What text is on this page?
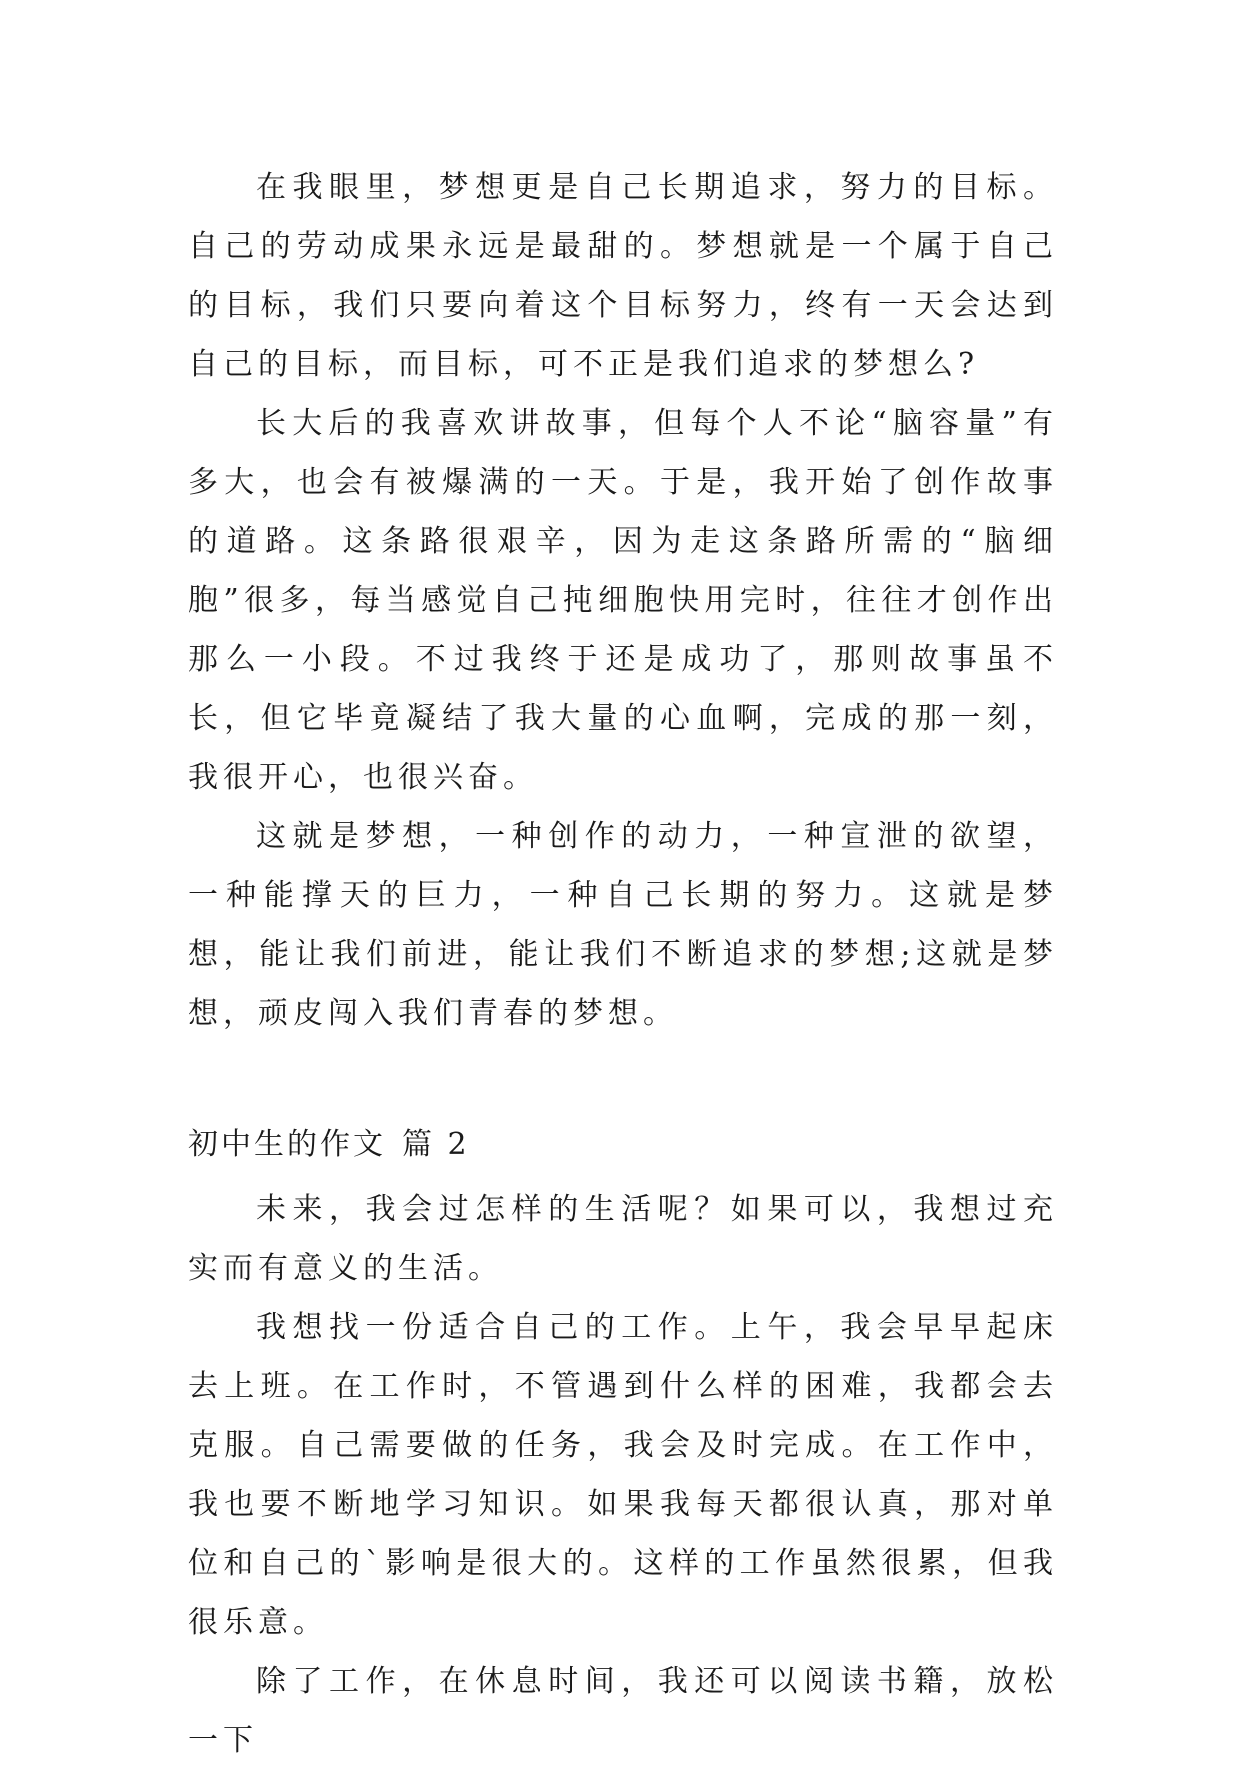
在我眼里，梦想更是自己长期追求，努力的目标。自己的劳动成果永远是最甜的。梦想就是一个属于自己的目标，我们只要向着这个目标努力，终有一天会达到自己的目标，而目标，可不正是我们追求的梦想么?

长大后的我喜欢讲故事，但每个人不论“脑容量”有多大，也会有被爆满的一天。于是，我开始了创作故事的道路。这条路很艰辛，因为走这条路所需的“脑细胞”很多，每当感觉自己扽细胞快用完时，往往才创作出那么一小段。不过我终于还是成功了，那则故事虽不长，但它毕竟凝结了我大量的心血啊，完成的那一刻，我很开心，也很兴奋。

这就是梦想，一种创作的动力，一种宣泄的欲望，一种能撑天的巨力，一种自己长期的努力。这就是梦想，能让我们前进，能让我们不断追求的梦想;这就是梦想，顽皮闯入我们青春的梦想。

初中生的作文 篇 2

未来，我会过怎样的生活呢？如果可以，我想过充实而有意义的生活。

我想找一份适合自己的工作。上午，我会早早起床去上班。在工作时，不管遇到什么样的困难，我都会去克服。自己需要做的任务，我会及时完成。在工作中，我也要不断地学习知识。如果我每天都很认真，那对单位和自己的`影响是很大的。这样的工作虽然很累，但我很乐意。

除了工作，在休息时间，我还可以阅读书籍，放松一下
